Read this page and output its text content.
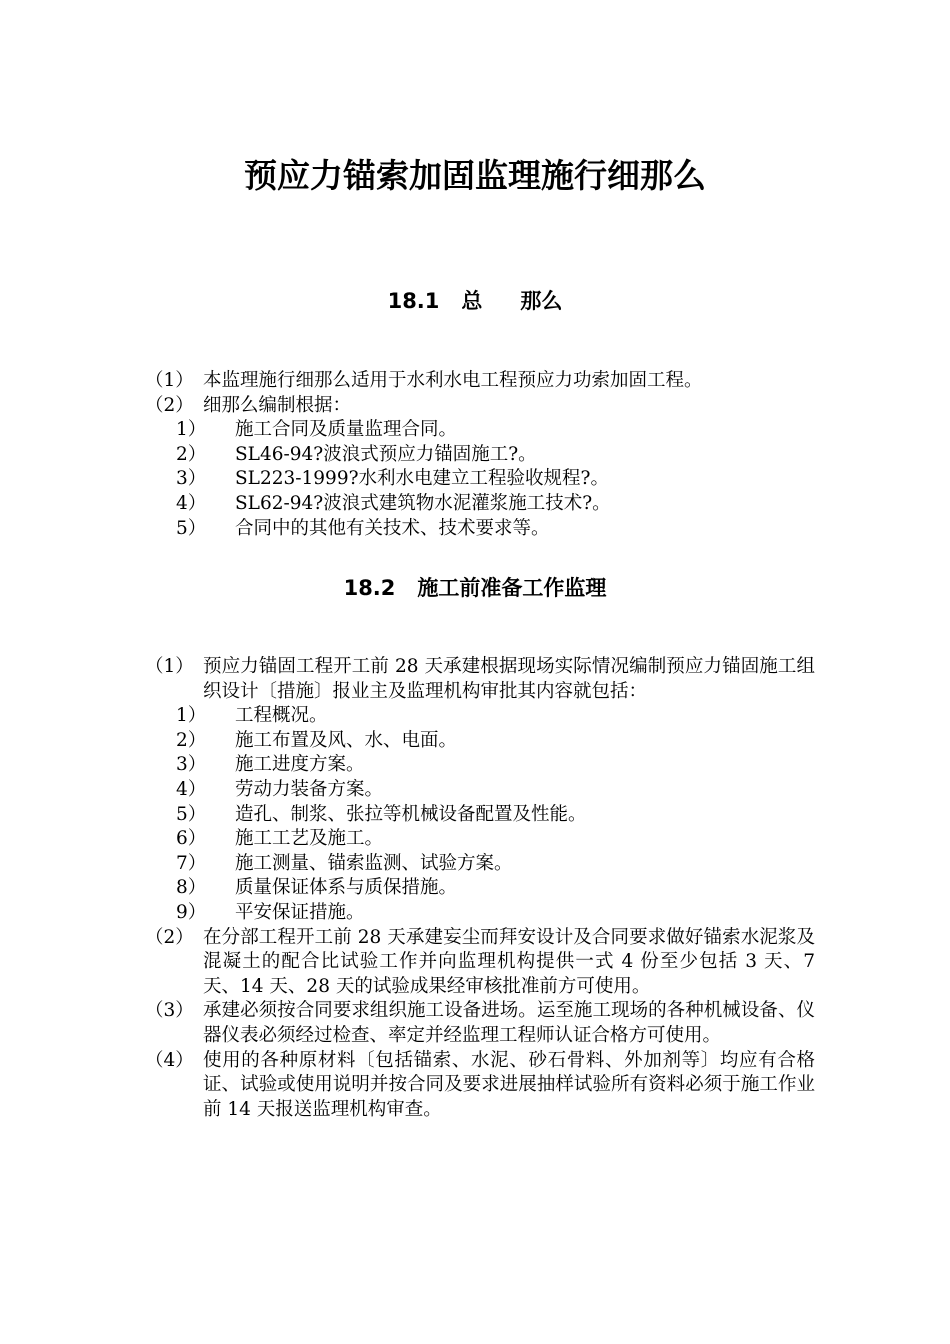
预应力锚索加固监理施行细那么
18.1 总 那么
（1） 本监理施行细那么适用于水利水电工程预应力功索加固工程。
（2） 细那么编制根据：
1）	施工合同及质量监理合同。
2）	SL46-94?波浪式预应力锚固施工?。
3）	SL223-1999?水利水电建立工程验收规程?。
4）	SL62-94?波浪式建筑物水泥灌浆施工技术?。
5）	合同中的其他有关技术、技术要求等。
18.2 施工前准备工作监理
（1） 预应力锚固工程开工前 28 天承建根据现场实际情况编制预应力锚固施工组织设计〔措施〕报业主及监理机构审批其内容就包括：
1）	工程概况。
2）	施工布置及风、水、电面。
3）	施工进度方案。
4）	劳动力装备方案。
5）	造孔、制浆、张拉等机械设备配置及性能。
6）	施工工艺及施工。
7）	施工测量、锚索监测、试验方案。
8）	质量保证体系与质保措施。
9）	平安保证措施。
（2） 在分部工程开工前 28 天承建妄尘而拜安设计及合同要求做好锚索水泥浆及混凝土的配合比试验工作并向监理机构提供一式 4 份至少包括 3 天、7 天、14 天、28 天的试验成果经审核批准前方可使用。
（3） 承建必须按合同要求组织施工设备进场。运至施工现场的各种机械设备、仪器仪表必须经过检查、率定并经监理工程师认证合格方可使用。
（4） 使用的各种原材料〔包括锚索、水泥、砂石骨料、外加剂等〕均应有合格证、试验或使用说明并按合同及要求进展抽样试验所有资料必须于施工作业前 14 天报送监理机构审查。
